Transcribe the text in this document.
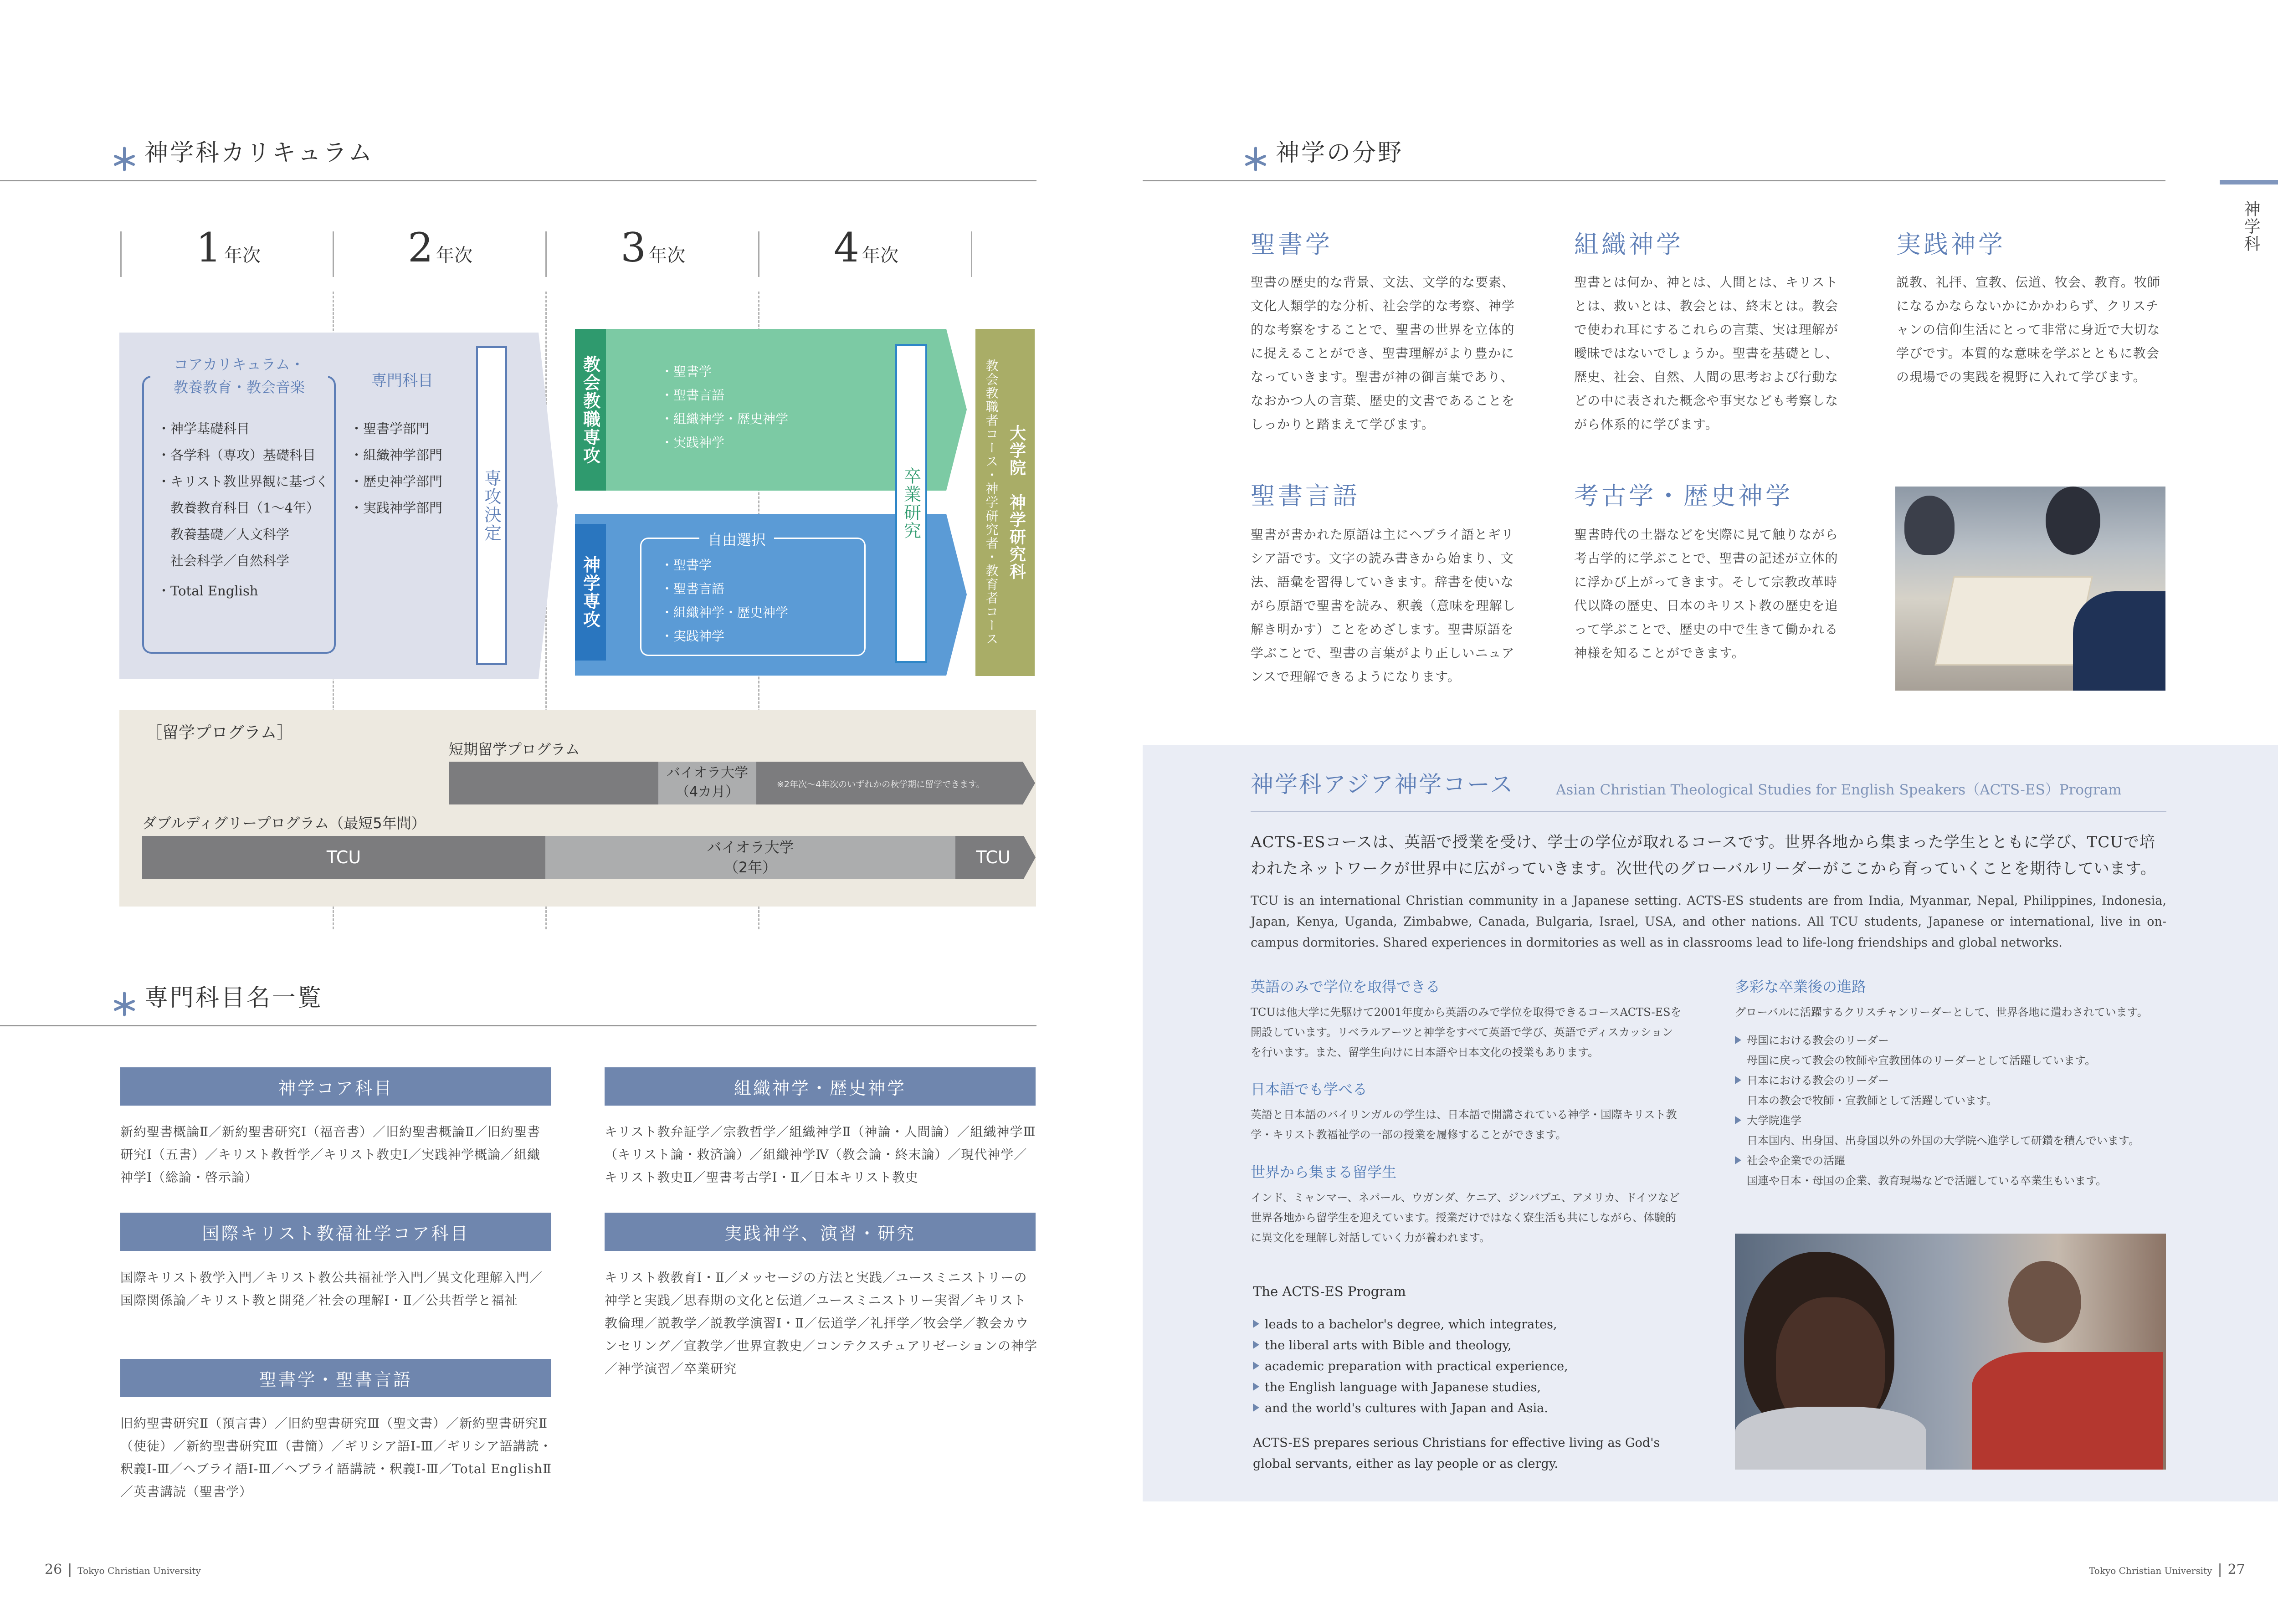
神学科カリキュラム
1 年次	2 年次	3 年次	4 年次
コアカリキュラム・
教養教育・教会音楽
・神学基礎科目
・各学科（専攻）基礎科目
・キリスト教世界観に基づく
　教養教育科目（1～4年）
　教養基礎／人文科学
　社会科学／自然科学
・Total English
専門科目
・聖書学部門
・組織神学部門
・歴史神学部門
・実践神学部門 専攻決定
教会教職専攻	・聖書学
・聖書言語
・組織神学・歴史神学
・実践神学
神学専攻
自由選択
・聖書学
・聖書言語
・組織神学・歴史神学
・実践神学
卒業研究	大学院　神学研究科
教会教職者コース・神学研究者・教育者コース
［留学プログラム］
短期留学プログラム
バイオラ大学
（4カ月）	※2年次～4年次のいずれかの秋学期に留学できます。
ダブルディグリープログラム（最短5年間）
TCU	バイオラ大学
（2年）	TCU
専門科目名一覧
神学コア科目
新約聖書概論Ⅱ／新約聖書研究Ⅰ（福音書）／旧約聖書概論Ⅱ／旧約聖書研究Ⅰ（五書）／キリスト教哲学／キリスト教史Ⅰ／実践神学概論／組織神学Ⅰ（総論・啓示論）
組織神学・歴史神学
キリスト教弁証学／宗教哲学／組織神学Ⅱ（神論・人間論）／組織神学Ⅲ（キリスト論・救済論）／組織神学Ⅳ（教会論・終末論）／現代神学／キリスト教史Ⅱ／聖書考古学Ⅰ・Ⅱ／日本キリスト教史
国際キリスト教福祉学コア科目
国際キリスト教学入門／キリスト教公共福祉学入門／異文化理解入門／国際関係論／キリスト教と開発／社会の理解Ⅰ・Ⅱ／公共哲学と福祉
実践神学、演習・研究
キリスト教教育Ⅰ・Ⅱ／メッセージの方法と実践／ユースミニストリーの神学と実践／思春期の文化と伝道／ユースミニストリー実習／キリスト教倫理／説教学／説教学演習Ⅰ・Ⅱ／伝道学／礼拝学／牧会学／教会カウンセリング／宣教学／世界宣教史／コンテクスチュアリゼーションの神学／神学演習／卒業研究
聖書学・聖書言語
旧約聖書研究Ⅱ（預言書）／旧約聖書研究Ⅲ（聖文書）／新約聖書研究Ⅱ（使徒）／新約聖書研究Ⅲ（書簡）／ギリシア語Ⅰ-Ⅲ／ギリシア語講読・釈義Ⅰ-Ⅲ／ヘブライ語Ⅰ-Ⅲ／ヘブライ語講読・釈義Ⅰ-Ⅲ／Total EnglishⅡ／英書講読（聖書学）
26 | Tokyo Christian University
神学の分野
神学科
聖書学
聖書の歴史的な背景、文法、文学的な要素、文化人類学的な分析、社会学的な考察、神学的な考察をすることで、聖書の世界を立体的に捉えることができ、聖書理解がより豊かになっていきます。聖書が神の御言葉であり、なおかつ人の言葉、歴史的文書であることをしっかりと踏まえて学びます。
組織神学
聖書とは何か、神とは、人間とは、キリストとは、救いとは、教会とは、終末とは。教会で使われ耳にするこれらの言葉、実は理解が曖昧ではないでしょうか。聖書を基礎とし、歴史、社会、自然、人間の思考および行動などの中に表された概念や事実なども考察しながら体系的に学びます。
実践神学
説教、礼拝、宣教、伝道、牧会、教育。牧師になるかならないかにかかわらず、クリスチャンの信仰生活にとって非常に身近で大切な学びです。本質的な意味を学ぶとともに教会の現場での実践を視野に入れて学びます。
聖書言語
聖書が書かれた原語は主にヘブライ語とギリシア語です。文字の読み書きから始まり、文法、語彙を習得していきます。辞書を使いながら原語で聖書を読み、釈義（意味を理解し解き明かす）ことをめざします。聖書原語を学ぶことで、聖書の言葉がより正しいニュアンスで理解できるようになります。
考古学・歴史神学
聖書時代の土器などを実際に見て触りながら考古学的に学ぶことで、聖書の記述が立体的に浮かび上がってきます。そして宗教改革時代以降の歴史、日本のキリスト教の歴史を追って学ぶことで、歴史の中で生きて働かれる神様を知ることができます。
神学科アジア神学コース	Asian Christian Theological Studies for English Speakers（ACTS-ES）Program
ACTS-ESコースは、英語で授業を受け、学士の学位が取れるコースです。世界各地から集まった学生とともに学び、TCUで培われたネットワークが世界中に広がっていきます。次世代のグローバルリーダーがここから育っていくことを期待しています。
TCU is an international Christian community in a Japanese setting. ACTS-ES students are from India, Myanmar, Nepal, Philippines, Indonesia, Japan, Kenya, Uganda, Zimbabwe, Canada, Bulgaria, Israel, USA, and other nations. All TCU students, Japanese or international, live in on-campus dormitories. Shared experiences in dormitories as well as in classrooms lead to life-long friendships and global networks.
英語のみで学位を取得できる
TCUは他大学に先駆けて2001年度から英語のみで学位を取得できるコースACTS-ESを開設しています。リベラルアーツと神学をすべて英語で学び、英語でディスカッションを行います。また、留学生向けに日本語や日本文化の授業もあります。
日本語でも学べる
英語と日本語のバイリンガルの学生は、日本語で開講されている神学・国際キリスト教学・キリスト教福祉学の一部の授業を履修することができます。
世界から集まる留学生
インド、ミャンマー、ネパール、ウガンダ、ケニア、ジンバブエ、アメリカ、ドイツなど世界各地から留学生を迎えています。授業だけではなく寮生活も共にしながら、体験的に異文化を理解し対話していく力が養われます。
The ACTS-ES Program
leads to a bachelor's degree, which integrates,
the liberal arts with Bible and theology,
academic preparation with practical experience,
the English language with Japanese studies,
and the world's cultures with Japan and Asia.
ACTS-ES prepares serious Christians for effective living as God's global servants, either as lay people or as clergy.
多彩な卒業後の進路
グローバルに活躍するクリスチャンリーダーとして、世界各地に遣わされています。
母国における教会のリーダー
母国に戻って教会の牧師や宣教団体のリーダーとして活躍しています。
日本における教会のリーダー
日本の教会で牧師・宣教師として活躍しています。
大学院進学
日本国内、出身国、出身国以外の外国の大学院へ進学して研鑽を積んでいます。
社会や企業での活躍
国連や日本・母国の企業、教育現場などで活躍している卒業生もいます。
Tokyo Christian University | 27
